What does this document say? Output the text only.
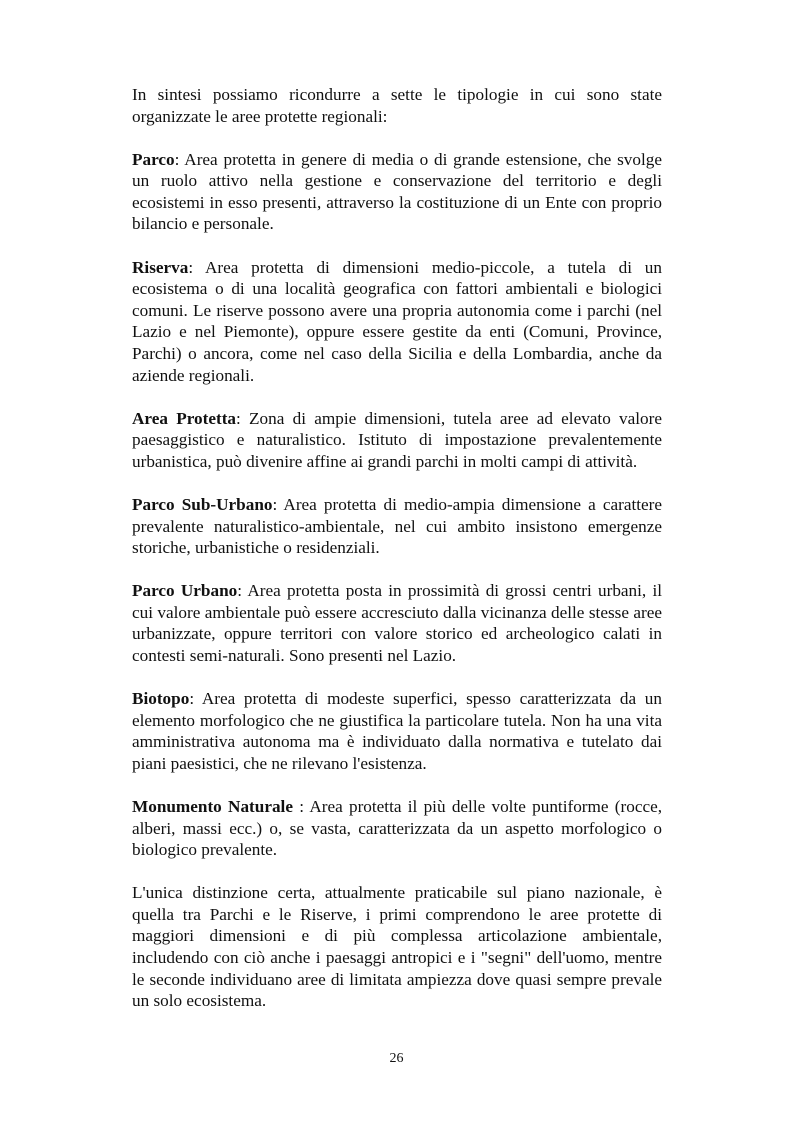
In sintesi possiamo ricondurre a sette le tipologie in cui sono state organizzate le aree protette regionali:

Parco: Area protetta in genere di media o di grande estensione, che svolge un ruolo attivo nella gestione e conservazione del territorio e degli ecosistemi in esso presenti, attraverso la costituzione di un Ente con proprio bilancio e personale.

Riserva: Area protetta di dimensioni medio-piccole, a tutela di un ecosistema o di una località geografica con fattori ambientali e biologici comuni. Le riserve possono avere una propria autonomia come i parchi (nel Lazio e nel Piemonte), oppure essere gestite da enti (Comuni, Province, Parchi) o ancora, come nel caso della Sicilia e della Lombardia, anche da aziende regionali.

Area Protetta: Zona di ampie dimensioni, tutela aree ad elevato valore paesaggistico e naturalistico. Istituto di impostazione prevalentemente urbanistica, può divenire affine ai grandi parchi in molti campi di attività.

Parco Sub-Urbano: Area protetta di medio-ampia dimensione a carattere prevalente naturalistico-ambientale, nel cui ambito insistono emergenze storiche, urbanistiche o residenziali.

Parco Urbano: Area protetta posta in prossimità di grossi centri urbani, il cui valore ambientale può essere accresciuto dalla vicinanza delle stesse aree urbanizzate, oppure territori con valore storico ed archeologico calati in contesti semi-naturali. Sono presenti nel Lazio.

Biotopo: Area protetta di modeste superfici, spesso caratterizzata da un elemento morfologico che ne giustifica la particolare tutela. Non ha una vita amministrativa autonoma ma è individuato dalla normativa e tutelato dai piani paesistici, che ne rilevano l'esistenza.

Monumento Naturale : Area protetta il più delle volte puntiforme (rocce, alberi, massi ecc.) o, se vasta, caratterizzata da un aspetto morfologico o biologico prevalente.

L'unica distinzione certa, attualmente praticabile sul piano nazionale, è quella tra Parchi e le Riserve, i primi comprendono le aree protette di maggiori dimensioni e di più complessa articolazione ambientale, includendo con ciò anche i paesaggi antropici e i "segni" dell'uomo, mentre le seconde individuano aree di limitata ampiezza dove quasi sempre prevale un solo ecosistema.

26
